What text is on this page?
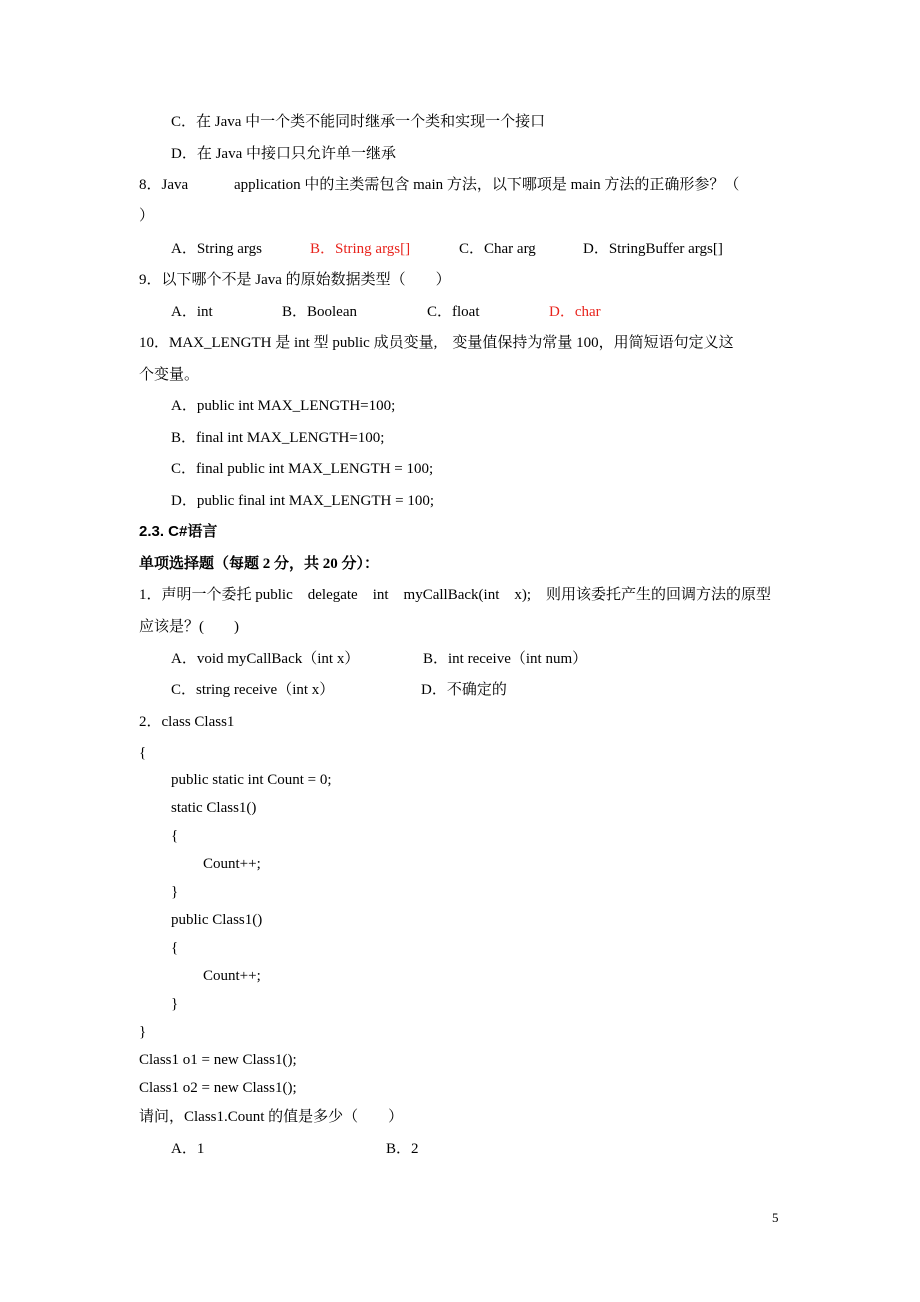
C．在 Java 中一个类不能同时继承一个类和实现一个接口
D．在 Java 中接口只允许单一继承
8．Java	application 中的主类需包含 main 方法，以下哪项是 main 方法的正确形参？（
）
A．String args	B．String args[]	C．Char arg	D．StringBuffer args[]
9．以下哪个不是 Java 的原始数据类型（　　）
A．int	B．Boolean	C．float	D．char
10．MAX_LENGTH 是 int 型 public 成员变量,　变量值保持为常量 100，用简短语句定义这
个变量。
A．public int MAX_LENGTH=100;
B．final int MAX_LENGTH=100;
C．final public int MAX_LENGTH = 100;
D．public final int MAX_LENGTH = 100;
2.3. C#语言
单项选择题（每题 2 分，共 20 分）：
1．声明一个委托 public　delegate　int　myCallBack(int　x);　则用该委托产生的回调方法的原型
应该是？(　　)
A．void myCallBack（int x）	B．int receive（int num）
C．string receive（int x）	D．不确定的
2．class Class1
{
public static int Count = 0;
static Class1()
{
Count++;
}
public Class1()
{
Count++;
}
}
Class1 o1 = new Class1();
Class1 o2 = new Class1();
请问，Class1.Count 的值是多少（　　）
A．1	B．2
5
